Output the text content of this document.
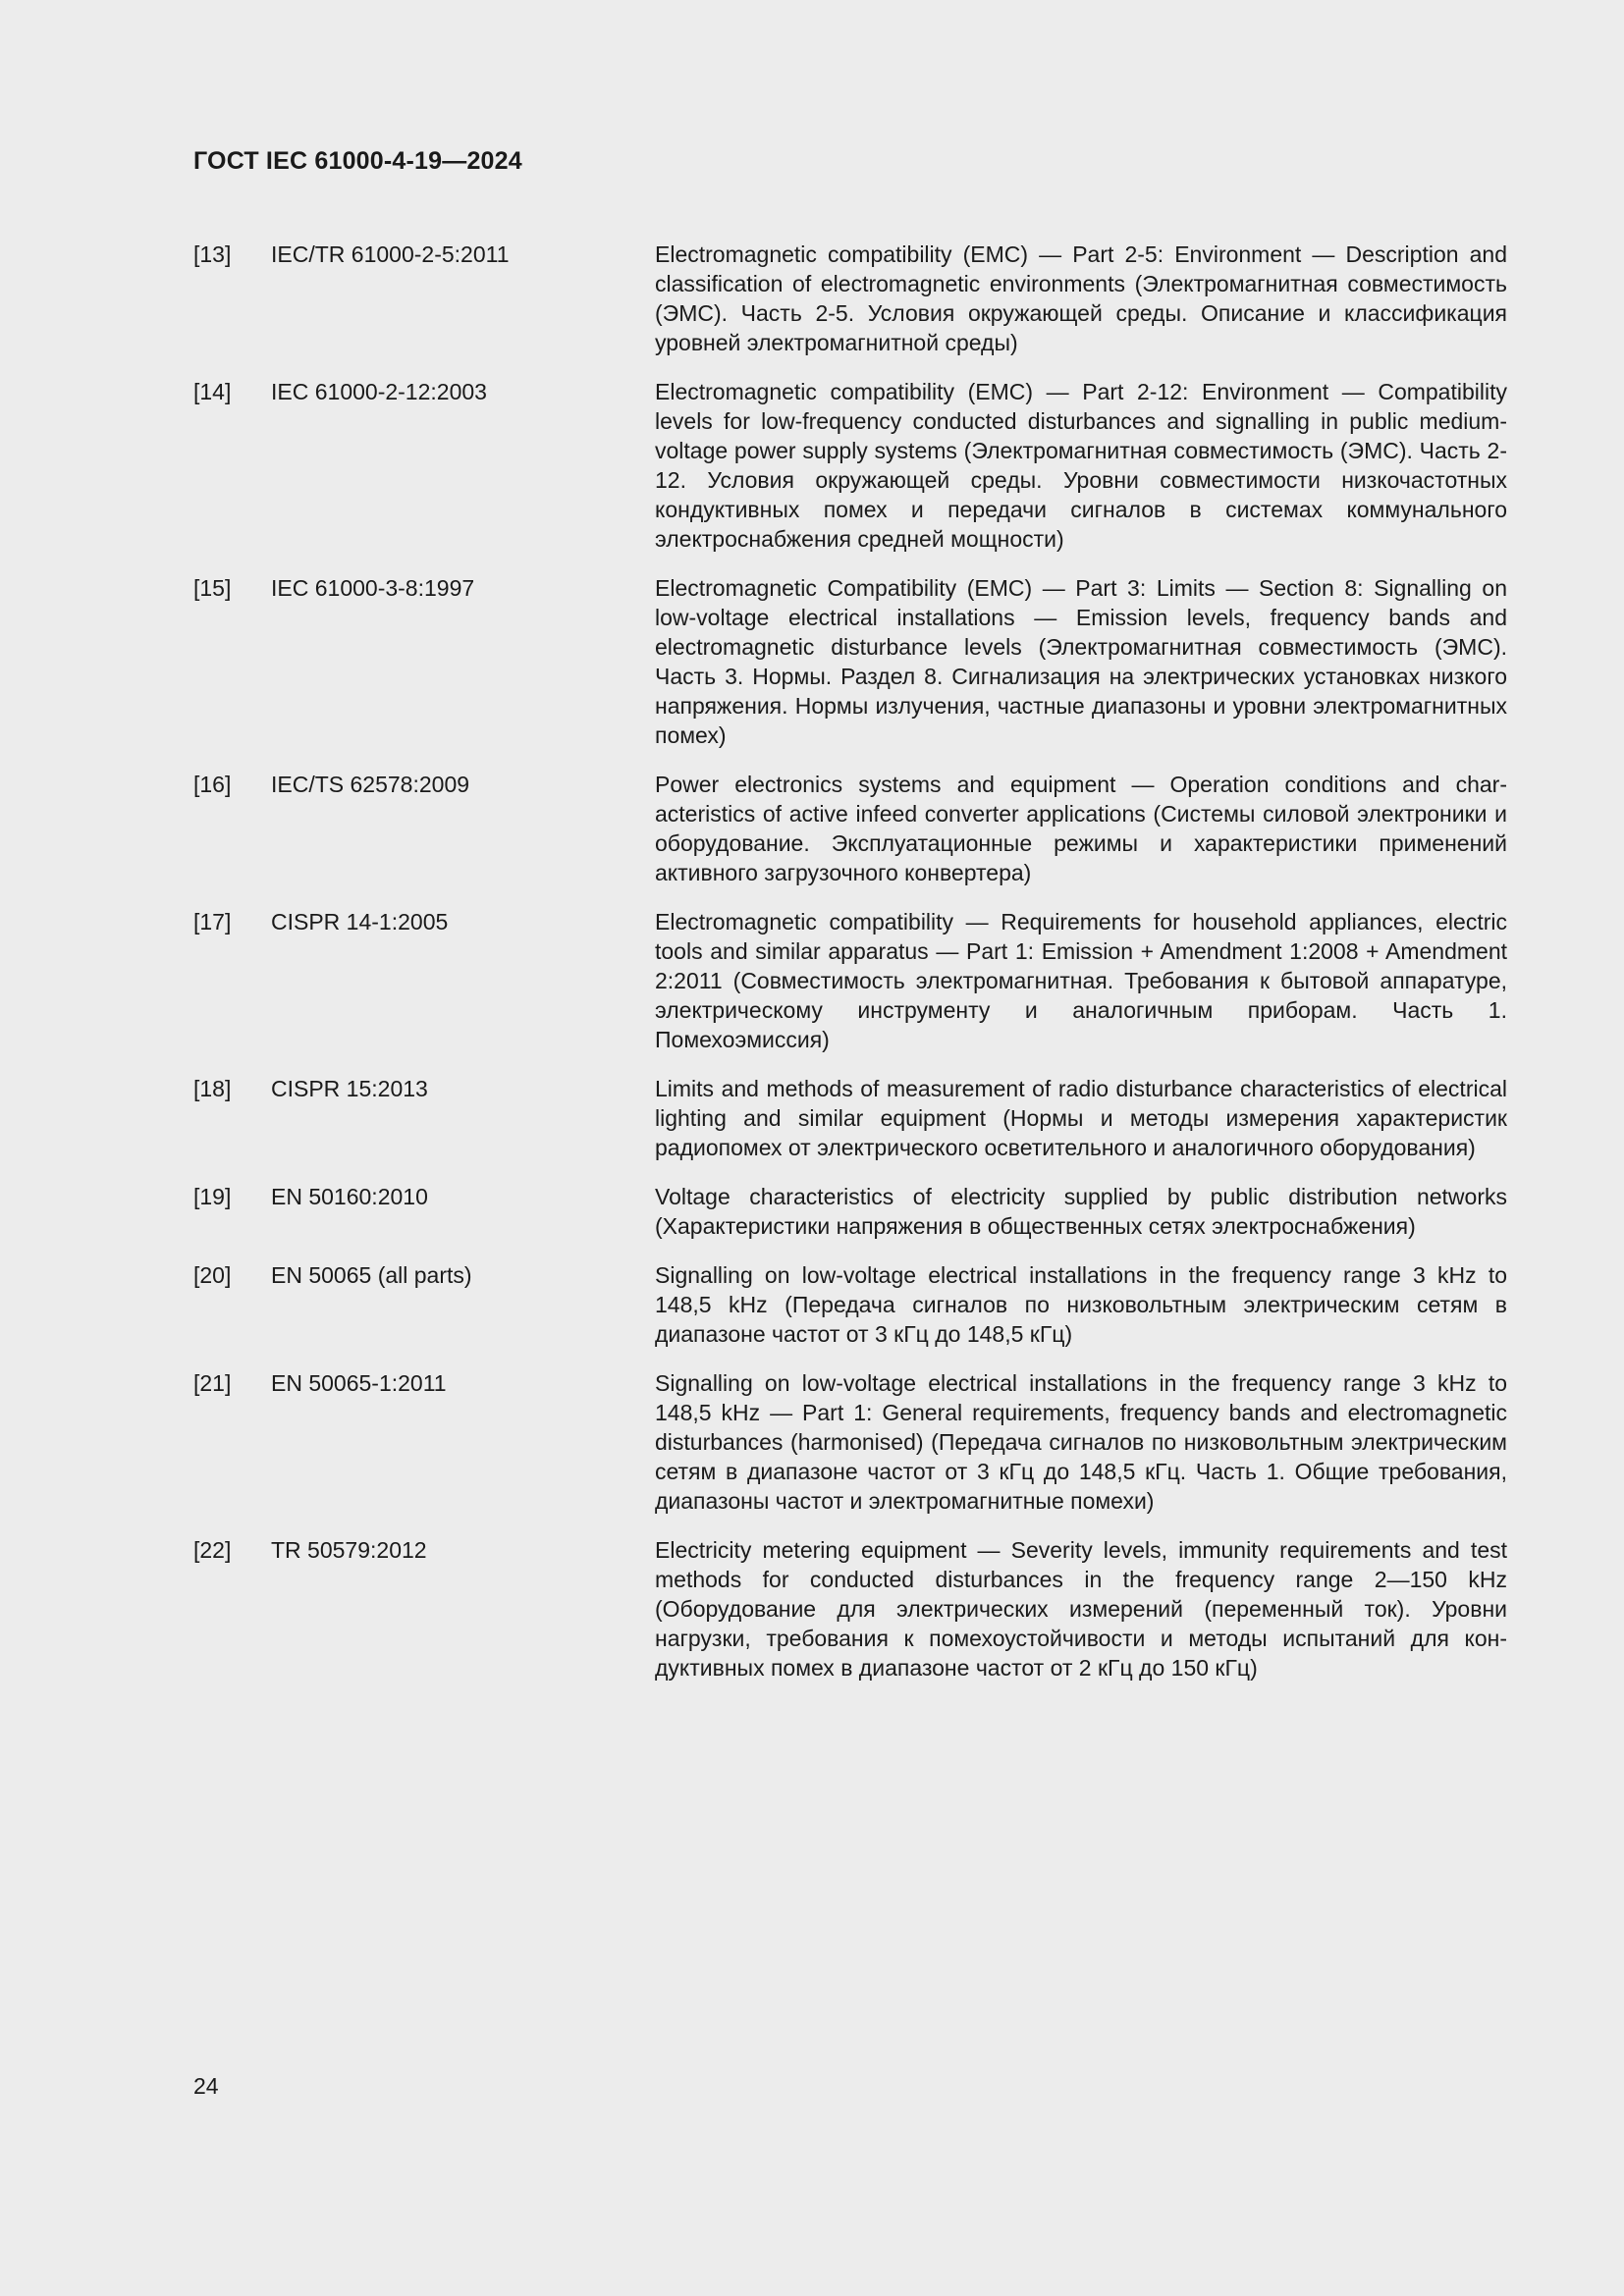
ГОСТ IEC 61000-4-19—2024
[13]	IEC/TR 61000-2-5:2011	Electromagnetic compatibility (EMC) — Part 2-5: Environment — Description and classification of electromagnetic environments (Электромагнитная совместимость (ЭМС). Часть 2-5. Условия окружающей среды. Описание и классификация уровней электромагнитной среды)
[14]	IEC 61000-2-12:2003	Electromagnetic compatibility (EMC) — Part 2-12: Environment — Compatibility levels for low-frequency conducted disturbances and signalling in public medium-voltage power supply systems (Электромагнитная совместимость (ЭМС). Часть 2-12. Условия окружающей среды. Уровни совместимости низкочастотных кондуктивных помех и передачи сигналов в системах коммунального электроснабжения средней мощности)
[15]	IEC 61000-3-8:1997	Electromagnetic Compatibility (EMC) — Part 3: Limits — Section 8: Signalling on low-voltage electrical installations — Emission levels, frequency bands and electromagnetic disturbance levels (Электромагнитная совместимость (ЭМС). Часть 3. Нормы. Раздел 8. Сигнализация на электрических установках низкого напряжения. Нормы излучения, частные диапазоны и уровни электромагнитных помех)
[16]	IEC/TS 62578:2009	Power electronics systems and equipment — Operation conditions and characteristics of active infeed converter applications (Системы силовой электроники и оборудование. Эксплуатационные режимы и характеристики применений активного загрузочного конвертера)
[17]	CISPR 14-1:2005	Electromagnetic compatibility — Requirements for household appliances, electric tools and similar apparatus — Part 1: Emission + Amendment 1:2008 + Amendment 2:2011 (Совместимость электромагнитная. Требования к бытовой аппаратуре, электрическому инструменту и аналогичным приборам. Часть 1. Помехоэмиссия)
[18]	CISPR 15:2013	Limits and methods of measurement of radio disturbance characteristics of electrical lighting and similar equipment (Нормы и методы измерения характеристик радиопомех от электрического осветительного и аналогичного оборудования)
[19]	EN 50160:2010	Voltage characteristics of electricity supplied by public distribution networks (Характеристики напряжения в общественных сетях электроснабжения)
[20]	EN 50065 (all parts)	Signalling on low-voltage electrical installations in the frequency range 3 kHz to 148,5 kHz (Передача сигналов по низковольтным электрическим сетям в диапазоне частот от 3 кГц до 148,5 кГц)
[21]	EN 50065-1:2011	Signalling on low-voltage electrical installations in the frequency range 3 kHz to 148,5 kHz — Part 1: General requirements, frequency bands and electromagnetic disturbances (harmonised) (Передача сигналов по низковольтным электрическим сетям в диапазоне частот от 3 кГц до 148,5 кГц. Часть 1. Общие требования, диапазоны частот и электромагнитные помехи)
[22]	TR 50579:2012	Electricity metering equipment — Severity levels, immunity requirements and test methods for conducted disturbances in the frequency range 2—150 kHz (Оборудование для электрических измерений (переменный ток). Уровни нагрузки, требования к помехоустойчивости и методы испытаний для кондуктивных помех в диапазоне частот от 2 кГц до 150 кГц)
24
